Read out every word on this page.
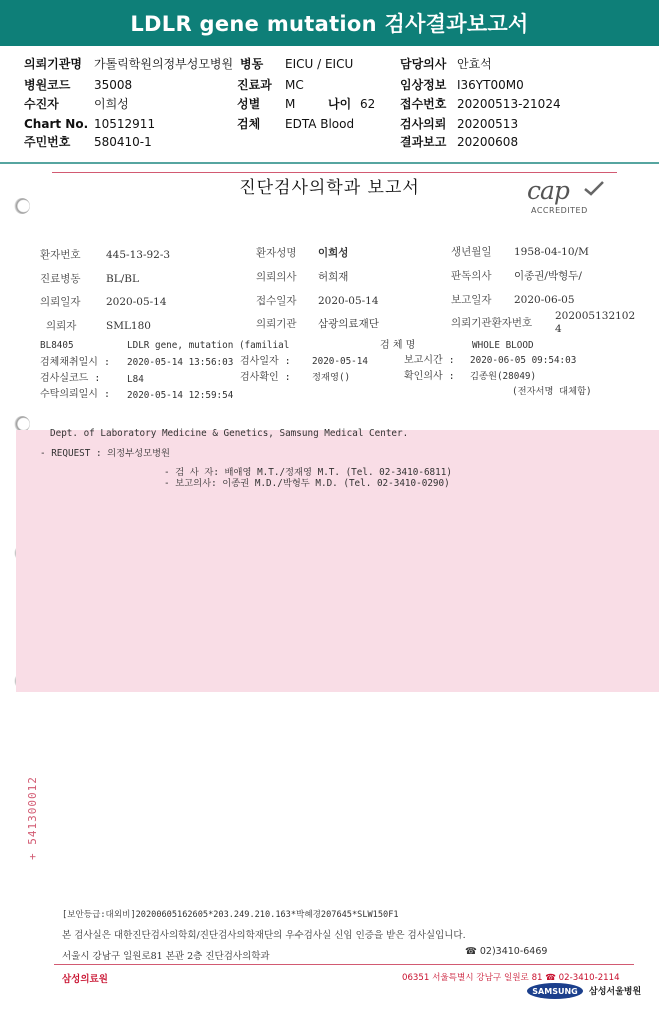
LDLR gene mutation 검사결과보고서
의뢰기관명 가톨릭학원의정부성모병원 병동 EICU / EICU	담당의사 안효석
병원코드 35008	진료과 MC	임상정보 I36YT00M0
수진자	이희성	성별 M	나이 62 접수번호 20200513-21024
Chart No. 10512911	검체 EDTA Blood	검사의뢰 20200513
주민번호 580410-1	결과보고 20200608
진단검사의학과 보고서	cap
ACCREDITED
환자번호 445-13-92-3	환자성명 이희성	생년월일 1958-04-10/M
진료병동 BL/BL	의뢰의사 허희재	판독의사 이종권/박형두/
의뢰일자 2020-05-14	접수일자 2020-05-14	보고일자 2020-06-05
의뢰자	SML180	의뢰기관 삼광의료재단	의뢰기관환자번호
202005132102
4
BL8405	LDLR gene, mutation (familial	검 체 명	WHOLE BLOOD
검체채취일시 : 2020-05-14 13:56:03 검사일자 : 2020-05-14	보고시간 : 2020-06-05 09:54:03
검사실코드 :	L84	검사확인 : 정재영()	확인의사 : 김종원(28049)
(전자서명 대체함)
수탁의뢰일시 : 2020-05-14 12:59:54
Dept. of Laboratory Medicine & Genetics, Samsung Medical Center.
- REQUEST : 의정부성모병원
- 검 사 자: 배애영 M.T./정재영 M.T. (Tel. 02-3410-6811)
- 보고의사: 이종권 M.D./박형두 M.D. (Tel. 02-3410-0290)
+ 541300012
[보안등급:대외비]20200605162605*203.249.210.163*박혜경207645*SLW150F1
본 검사실은 대한진단검사의학회/진단검사의학재단의 우수검사실 신임 인증을 받은 검사실입니다.
서울시 강남구 일원로81 본관 2층 진단검사의학과	☎ 02)3410-6469
삼성의료원	06351 서울특별시 강남구 일원로 81 ☎ 02-3410-2114
SAMSUNG	삼성서울병원
